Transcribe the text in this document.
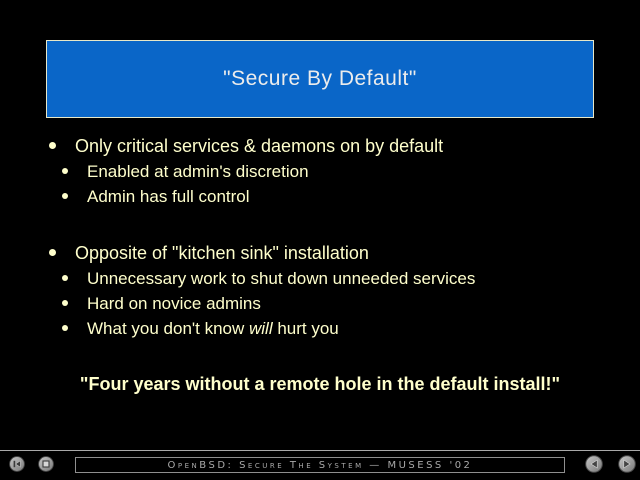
"Secure By Default"
Only critical services & daemons on by default
Enabled at admin's discretion
Admin has full control
Opposite of "kitchen sink" installation
Unnecessary work to shut down unneeded services
Hard on novice admins
What you don't know will hurt you
"Four years without a remote hole in the default install!"
OpenBSD: Secure The System — MUSESS '02
